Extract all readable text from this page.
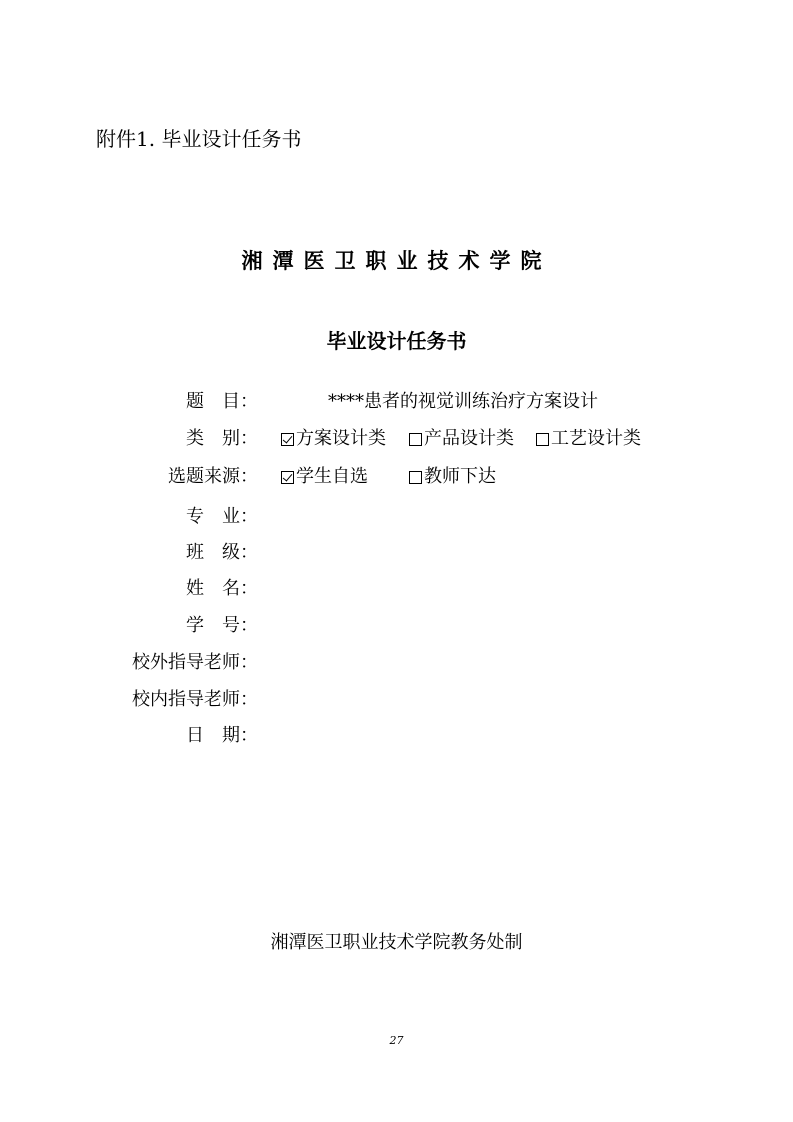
附件1. 毕业设计任务书
湘潭医卫职业技术学院
毕业设计任务书
题　目：	****患者的视觉训练治疗方案设计
类　别： 方案设计类 产品设计类 工艺设计类
选题来源： 学生自选	教师下达
专　业：
班　级：
姓　名：
学　号：
校外指导老师：
校内指导老师：
日　期：
湘潭医卫职业技术学院教务处制
27
